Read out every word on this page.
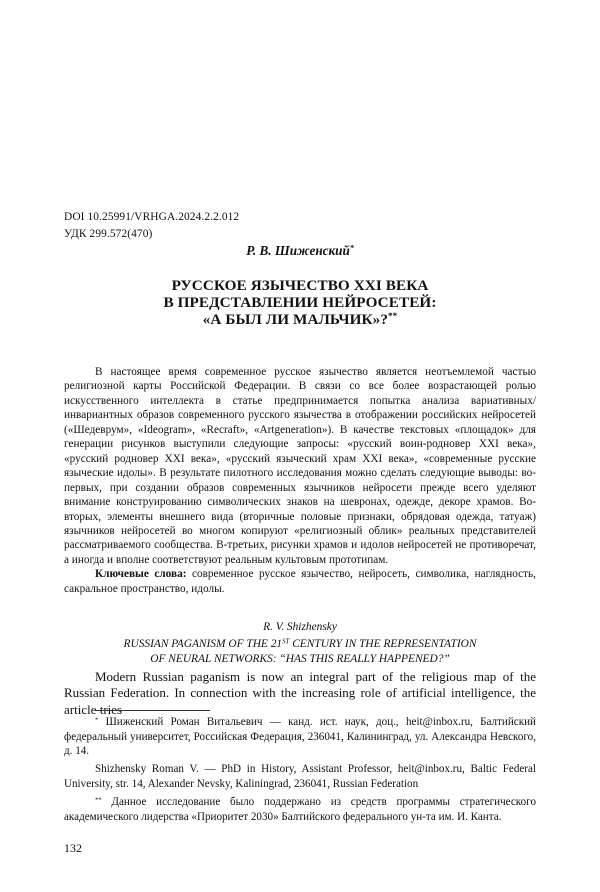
DOI 10.25991/VRHGA.2024.2.2.012

УДК 299.572(470)

Р. В. Шиженский*

РУССКОЕ ЯЗЫЧЕСТВО XXI ВЕКА
В ПРЕДСТАВЛЕНИИ НЕЙРОСЕТЕЙ:
«А БЫЛ ЛИ МАЛЬЧИК»?**

В настоящее время современное русское язычество является неотъемлемой частью религиозной карты Российской Федерации. В связи со все более возрастающей ролью искусственного интеллекта в статье предпринимается попытка анализа вариативных/инвариантных образов современного русского язычества в отображении российских нейросетей («Шедеврум», «Ideogram», «Recraft», «Artgeneration»). В качестве текстовых «площадок» для генерации рисунков выступили следующие запросы: «русский воин-родновер XXI века», «русский родновер XXI века», «русский языческий храм XXI века», «современные русские языческие идолы». В результате пилотного исследования можно сделать следующие выводы: во-первых, при создании образов современных язычников нейросети прежде всего уделяют внимание конструированию символических знаков на шевронах, одежде, декоре храмов. Во-вторых, элементы внешнего вида (вторичные половые признаки, обрядовая одежда, татуаж) язычников нейросетей во многом копируют «религиозный облик» реальных представителей рассматриваемого сообщества. В-третьих, рисунки храмов и идолов нейросетей не противоречат, а иногда и вполне соответствуют реальным культовым прототипам.

Ключевые слова: современное русское язычество, нейросеть, символика, наглядность, сакральное пространство, идолы.

R. V. Shizhensky

RUSSIAN PAGANISM OF THE 21ST CENTURY IN THE REPRESENTATION
OF NEURAL NETWORKS: “HAS THIS REALLY HAPPENED?”

Modern Russian paganism is now an integral part of the religious map of the Russian Federation. In connection with the increasing role of artificial intelligence, the article tries

* Шиженский Роман Витальевич — канд. ист. наук, доц., heit@inbox.ru, Балтийский федеральный университет, Российская Федерация, 236041, Калининград, ул. Александра Невского, д. 14.

Shizhensky Roman V. — PhD in History, Assistant Professor, heit@inbox.ru, Baltic Federal University, str. 14, Alexander Nevsky, Kaliningrad, 236041, Russian Federation

** Данное исследование было поддержано из средств программы стратегического академического лидерства «Приоритет 2030» Балтийского федерального ун-та им. И. Канта.

132
